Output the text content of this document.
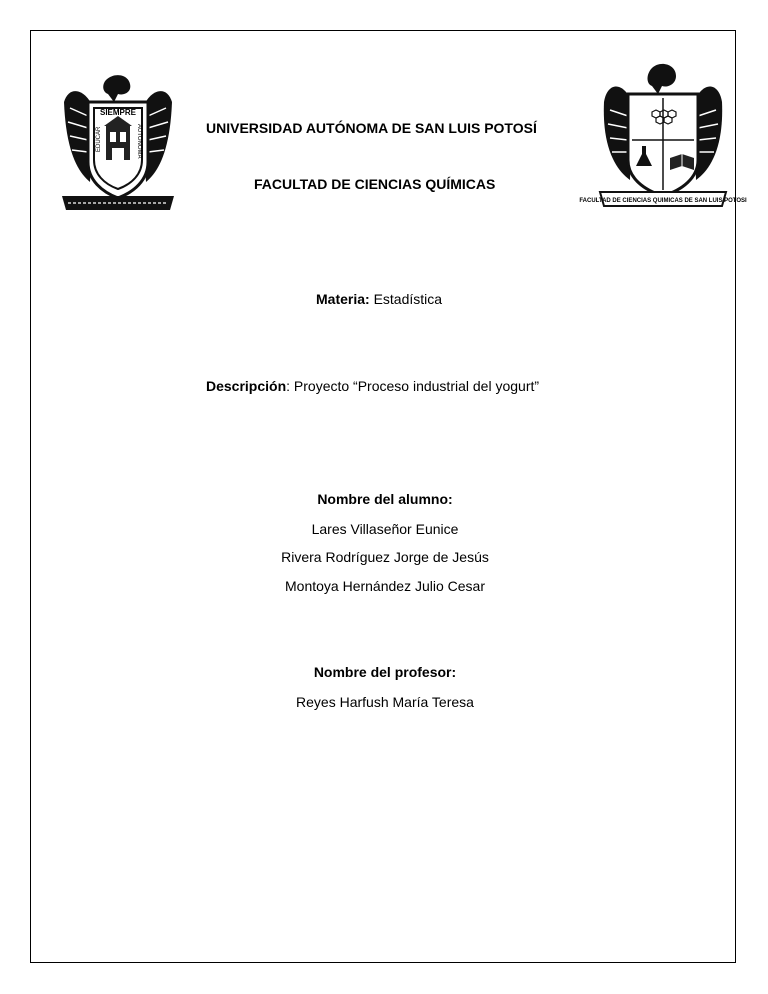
SIEMPRE
EDUCAR	AUTONOMA
FACULTAD DE CIENCIAS QUIMICAS DE SAN LUIS POTOSI
UNIVERSIDAD AUTÓNOMA DE SAN LUIS POTOSÍ
FACULTAD DE CIENCIAS QUÍMICAS
Materia: Estadística
Descripción: Proyecto “Proceso industrial del yogurt”
Nombre del alumno:
Lares Villaseñor Eunice
Rivera Rodríguez Jorge de Jesús
Montoya Hernández Julio Cesar
Nombre del profesor:
Reyes Harfush María Teresa
